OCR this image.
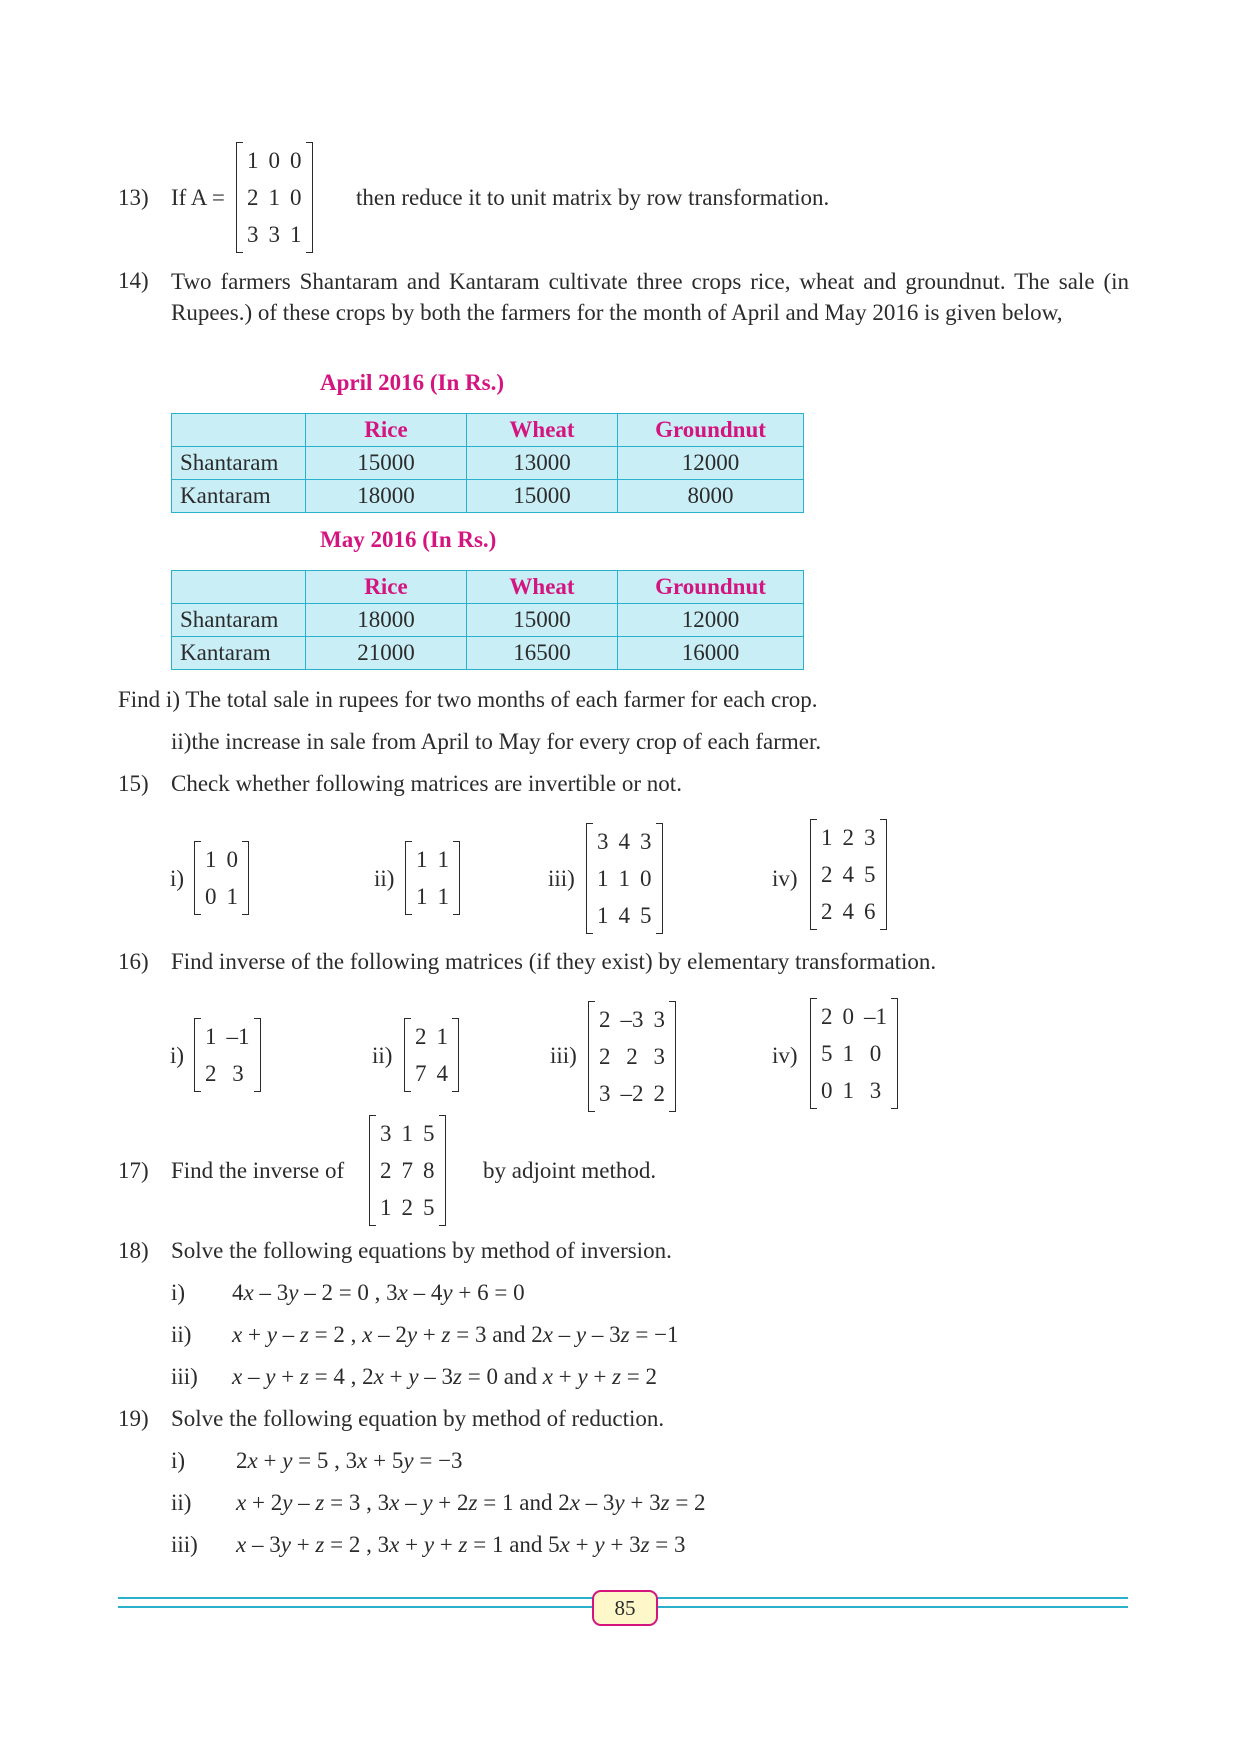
13) If A =
1	0	0
2	1	0
3	3	1
then reduce it to unit matrix by row transformation.
14) Two farmers Shantaram and Kantaram cultivate three crops rice, wheat and groundnut. The sale (in Rupees.) of these crops by both the farmers for the month of April and May 2016 is given below,
April 2016 (In Rs.)
	Rice	Wheat	Groundnut
Shantaram	15000	13000	12000
Kantaram	18000	15000	8000
May 2016 (In Rs.)
	Rice	Wheat	Groundnut
Shantaram	18000	15000	12000
Kantaram	21000	16500	16000
Find i) The total sale in rupees for two months of each farmer for each crop.
ii)the increase in sale from April to May for every crop of each farmer.
15) Check whether following matrices are invertible or not.
i)
1	0
0	1
ii)
1	1
1	1
iii)
3	4	3
1	1	0
1	4	5
iv)
1	2	3
2	4	5
2	4	6
16) Find inverse of the following matrices (if they exist) by elementary transformation.
i)
1	–1
2	3
ii)
2	1
7	4
iii)
2	–3	3
2	2	3
3	–2	2
iv)
2	0	–1
5	1	0
0	1	3
17) Find the inverse of
3	1	5
2	7	8
1	2	5
by adjoint method.
18) Solve the following equations by method of inversion.
i) 4x – 3y – 2 = 0 , 3x – 4y + 6 = 0
ii) x + y – z = 2 , x – 2y + z = 3 and 2x – y – 3z = −1
iii) x – y + z = 4 , 2x + y – 3z = 0 and x + y + z = 2
19) Solve the following equation by method of reduction.
i) 2x + y = 5 , 3x + 5y = −3
ii) x + 2y – z = 3 , 3x – y + 2z = 1 and 2x – 3y + 3z = 2
iii) x – 3y + z = 2 , 3x + y + z = 1 and 5x + y + 3z = 3
85
